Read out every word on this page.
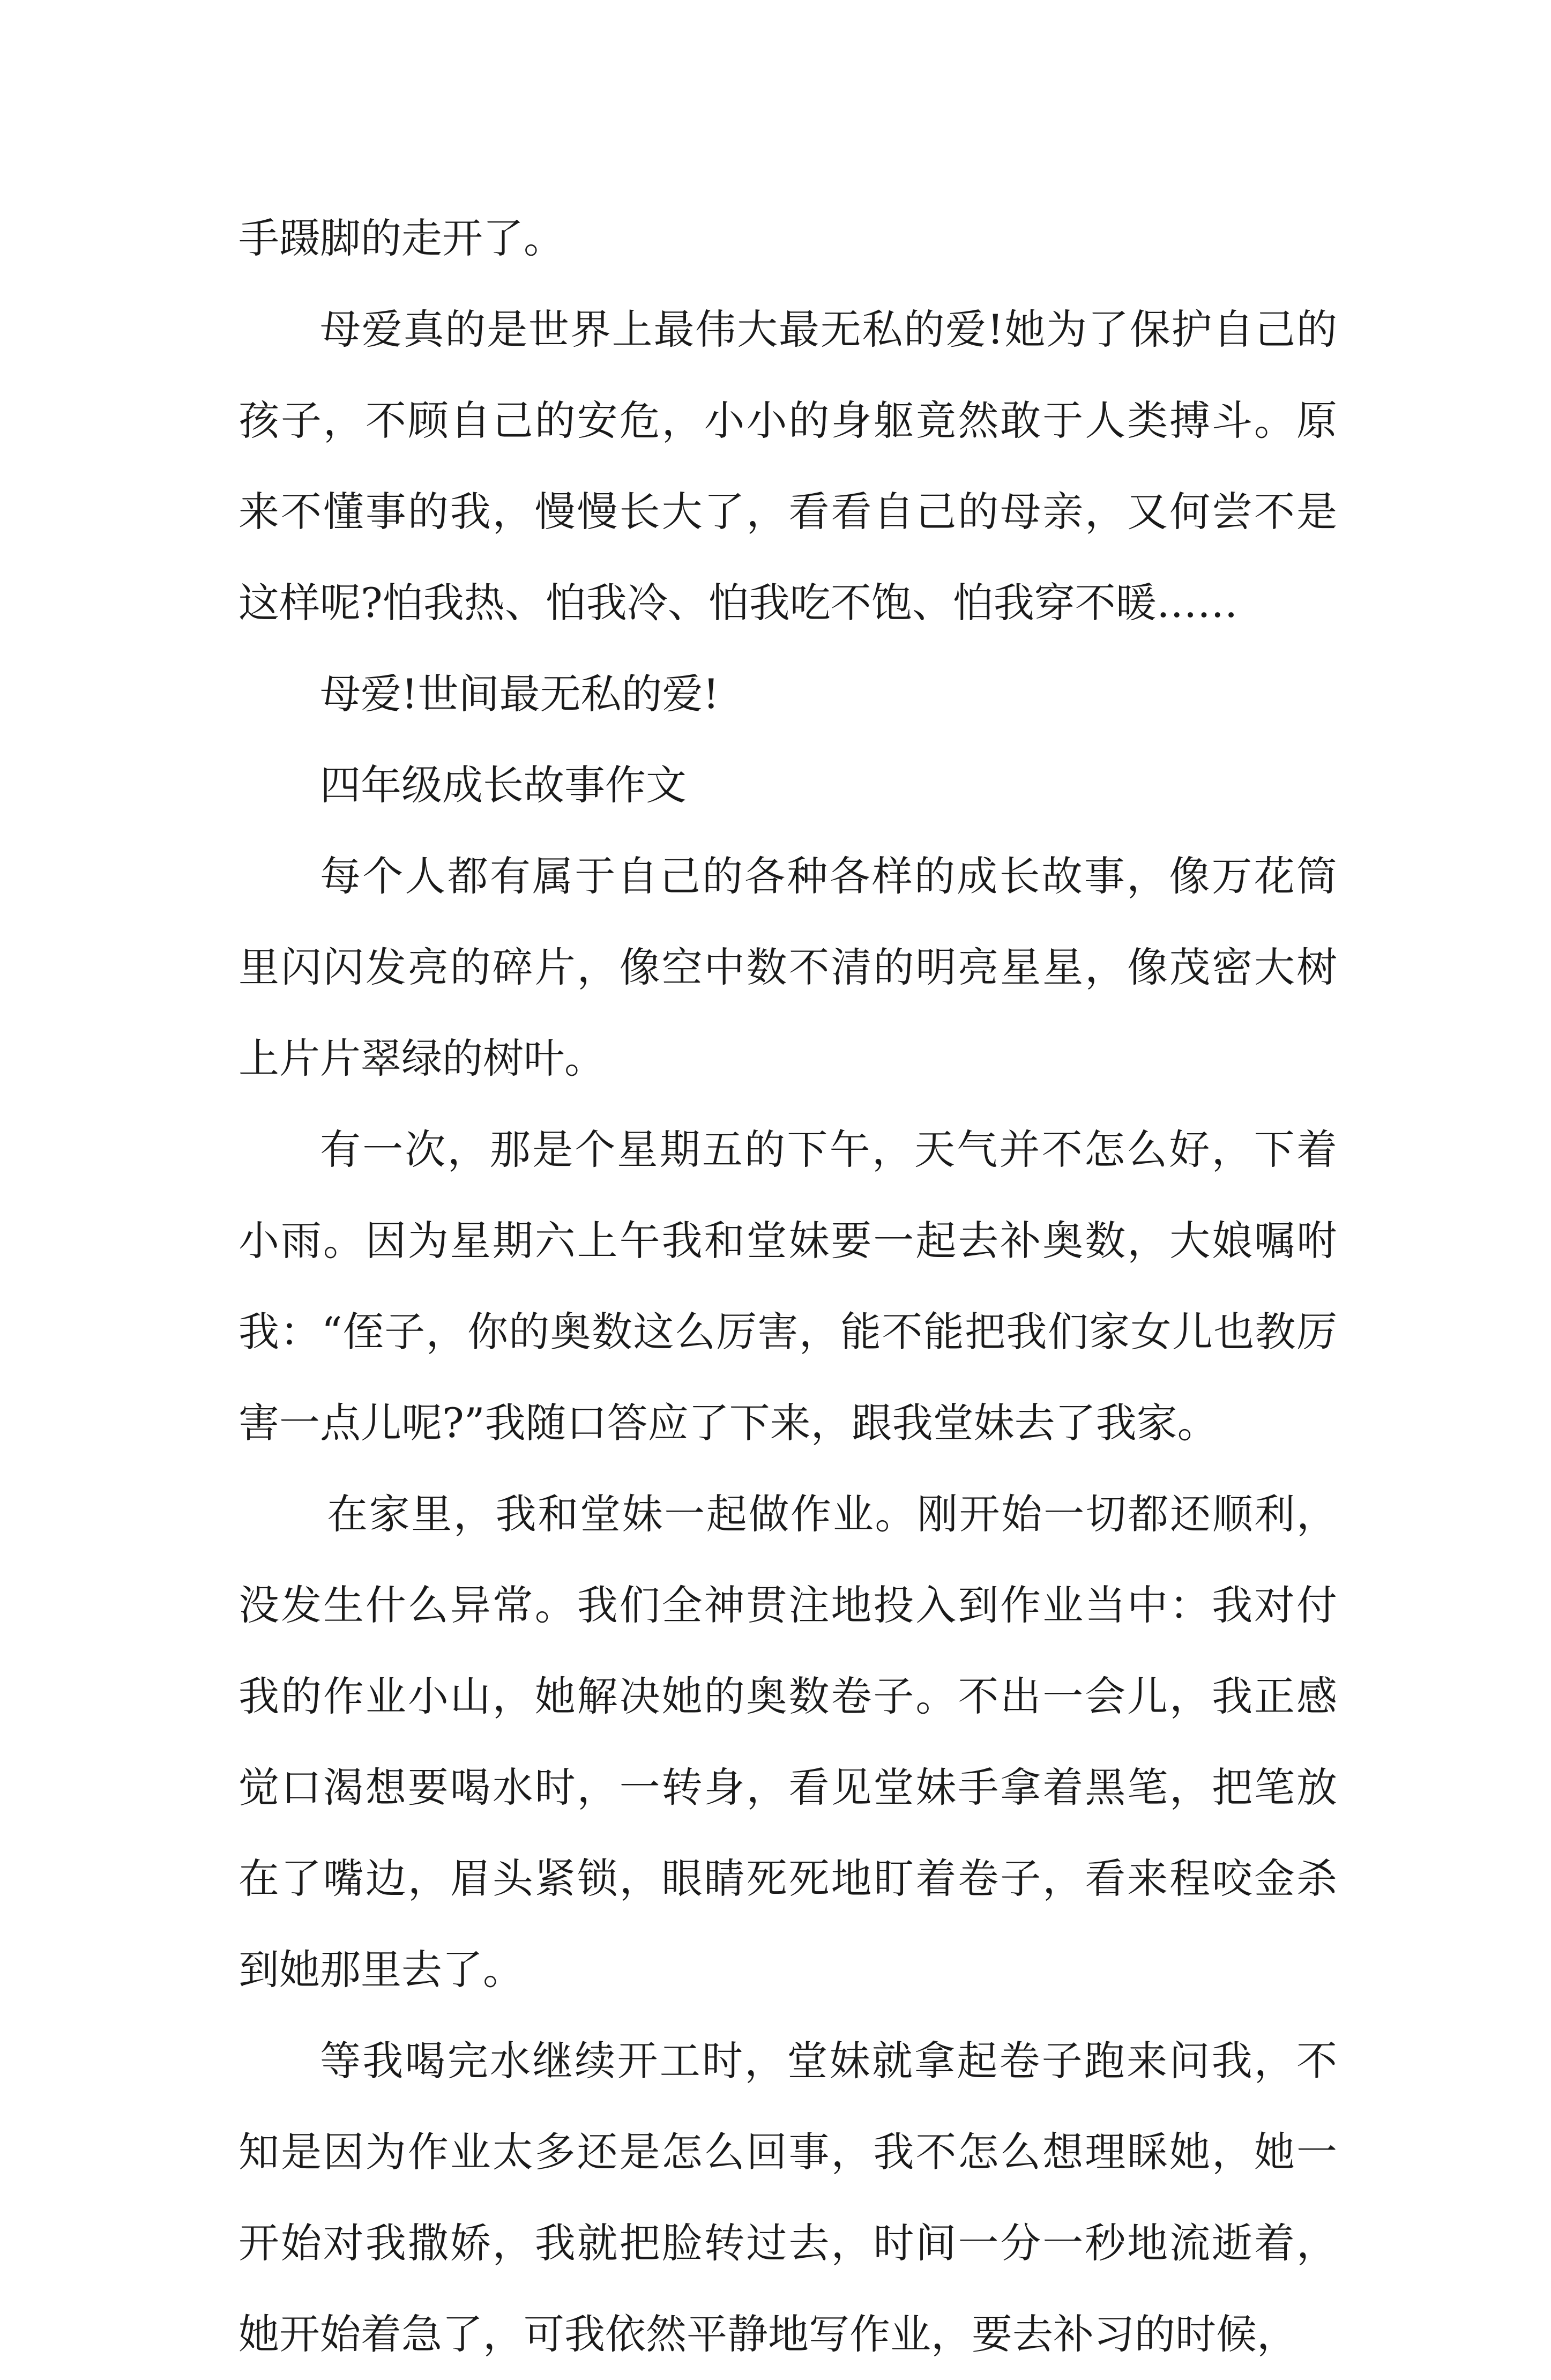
手蹑脚的走开了。

母爱真的是世界上最伟大最无私的爱!她为了保护自己的孩子，不顾自己的安危，小小的身躯竟然敢于人类搏斗。原来不懂事的我，慢慢长大了，看看自己的母亲，又何尝不是这样呢?怕我热、怕我冷、怕我吃不饱、怕我穿不暖……

母爱!世间最无私的爱!

四年级成长故事作文

每个人都有属于自己的各种各样的成长故事，像万花筒里闪闪发亮的碎片，像空中数不清的明亮星星，像茂密大树上片片翠绿的树叶。

有一次，那是个星期五的下午，天气并不怎么好，下着小雨。因为星期六上午我和堂妹要一起去补奥数，大娘嘱咐我：“侄子，你的奥数这么厉害，能不能把我们家女儿也教厉害一点儿呢?”我随口答应了下来，跟我堂妹去了我家。

在家里，我和堂妹一起做作业。刚开始一切都还顺利，没发生什么异常。我们全神贯注地投入到作业当中：我对付我的作业小山，她解决她的奥数卷子。不出一会儿，我正感觉口渴想要喝水时，一转身，看见堂妹手拿着黑笔，把笔放在了嘴边，眉头紧锁，眼睛死死地盯着卷子，看来程咬金杀到她那里去了。

等我喝完水继续开工时，堂妹就拿起卷子跑来问我，不知是因为作业太多还是怎么回事，我不怎么想理睬她，她一开始对我撒娇，我就把脸转过去，时间一分一秒地流逝着，她开始着急了，可我依然平静地写作业，要去补习的时候，
